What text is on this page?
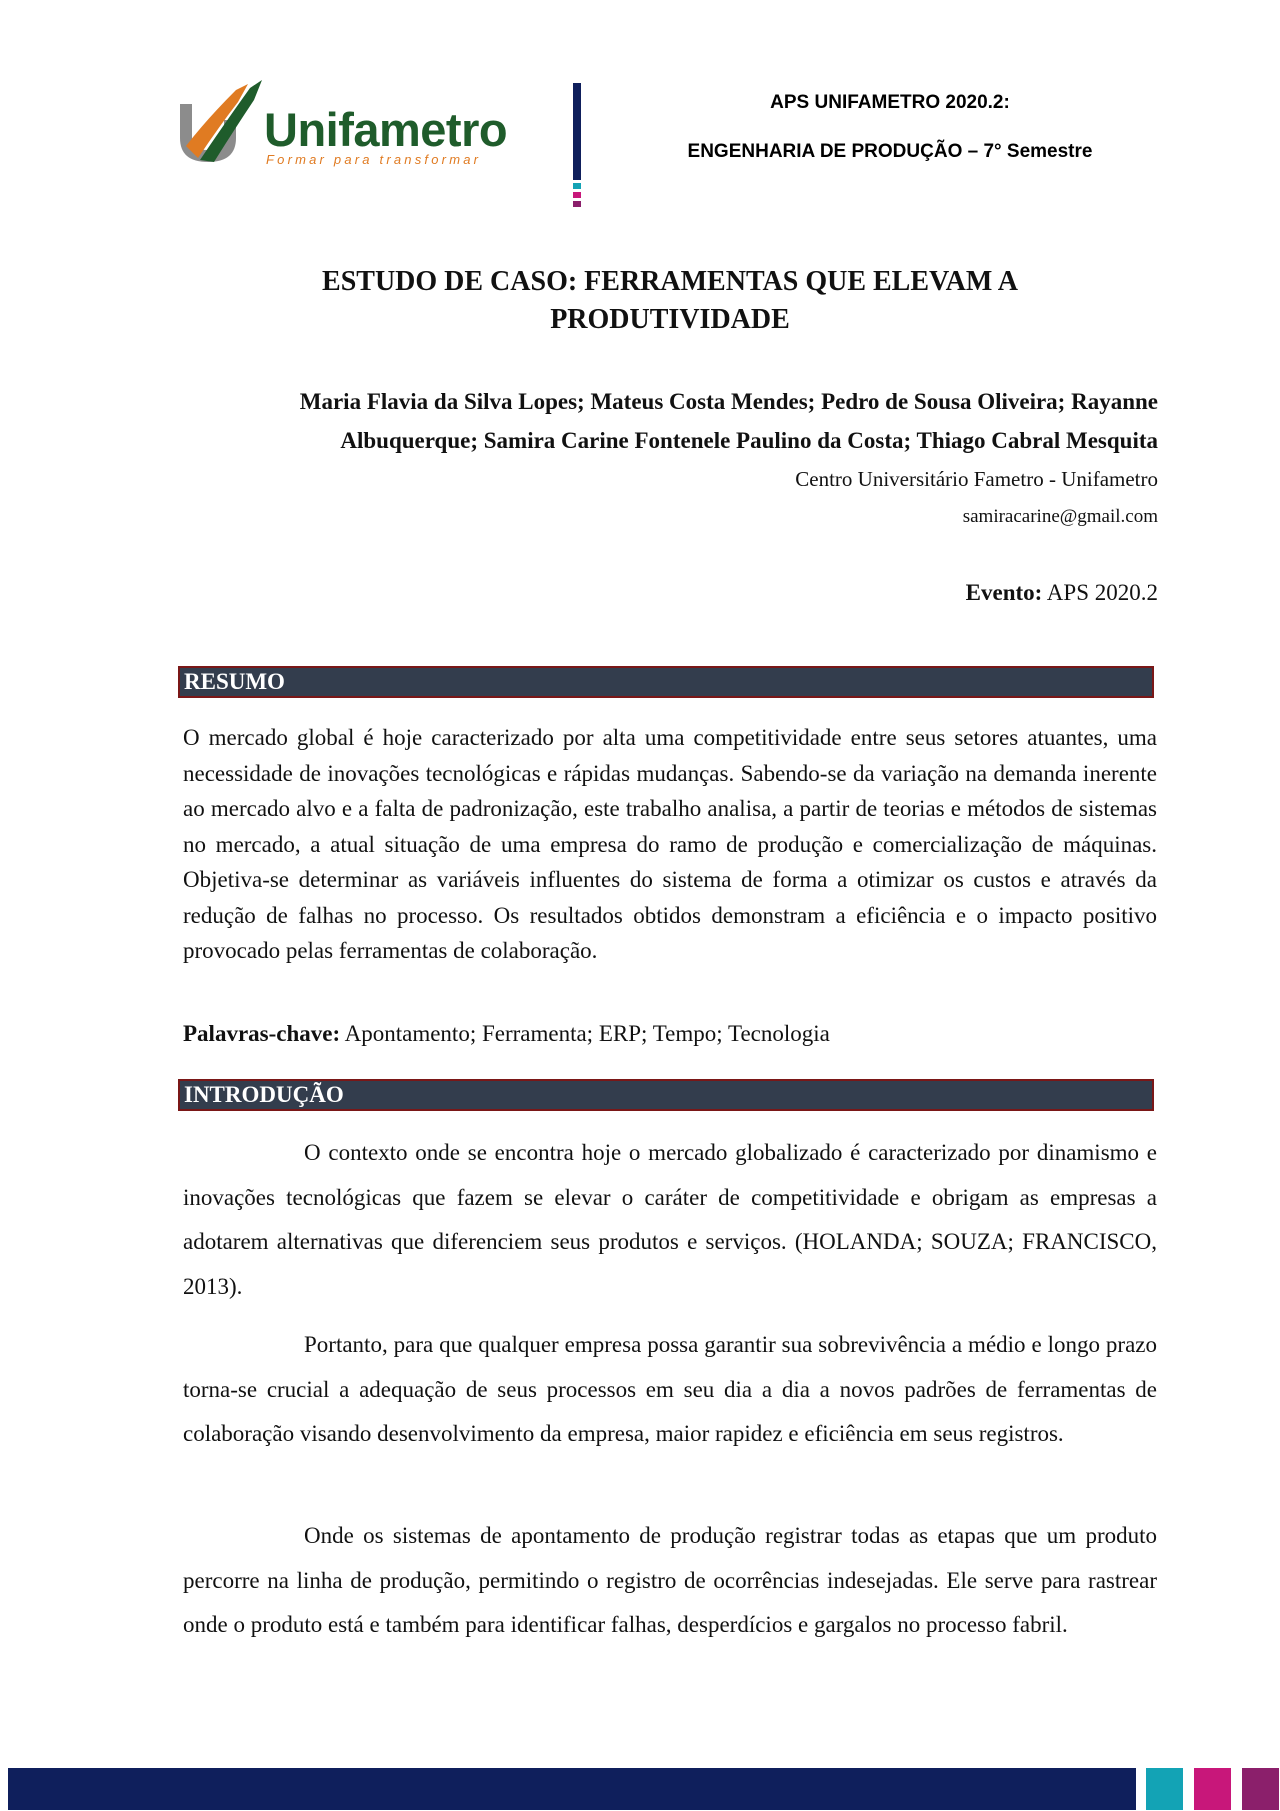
Unifametro
Formar para transformar
APS UNIFAMETRO 2020.2:
ENGENHARIA DE PRODUÇÃO – 7° Semestre
ESTUDO DE CASO: FERRAMENTAS QUE ELEVAM A
PRODUTIVIDADE
Maria Flavia da Silva Lopes; Mateus Costa Mendes; Pedro de Sousa Oliveira; Rayanne
Albuquerque; Samira Carine Fontenele Paulino da Costa; Thiago Cabral Mesquita
Centro Universitário Fametro - Unifametro
samiracarine@gmail.com
Evento: APS 2020.2
RESUMO

O mercado global é hoje caracterizado por alta uma competitividade entre seus setores atuantes, uma necessidade de inovações tecnológicas e rápidas mudanças. Sabendo-se da variação na demanda inerente ao mercado alvo e a falta de padronização, este trabalho analisa, a partir de teorias e métodos de sistemas no mercado, a atual situação de uma empresa do ramo de produção e comercialização de máquinas. Objetiva-se determinar as variáveis influentes do sistema de forma a otimizar os custos e através da redução de falhas no processo. Os resultados obtidos demonstram a eficiência e o impacto positivo provocado pelas ferramentas de colaboração.

Palavras-chave: Apontamento; Ferramenta; ERP; Tempo; Tecnologia
INTRODUÇÃO

O contexto onde se encontra hoje o mercado globalizado é caracterizado por dinamismo e inovações tecnológicas que fazem se elevar o caráter de competitividade e obrigam as empresas a adotarem alternativas que diferenciem seus produtos e serviços. (HOLANDA; SOUZA; FRANCISCO, 2013).

Portanto, para que qualquer empresa possa garantir sua sobrevivência a médio e longo prazo torna-se crucial a adequação de seus processos em seu dia a dia a novos padrões de ferramentas de colaboração visando desenvolvimento da empresa, maior rapidez e eficiência em seus registros.

Onde os sistemas de apontamento de produção registrar todas as etapas que um produto percorre na linha de produção, permitindo o registro de ocorrências indesejadas. Ele serve para rastrear onde o produto está e também para identificar falhas, desperdícios e gargalos no processo fabril.
